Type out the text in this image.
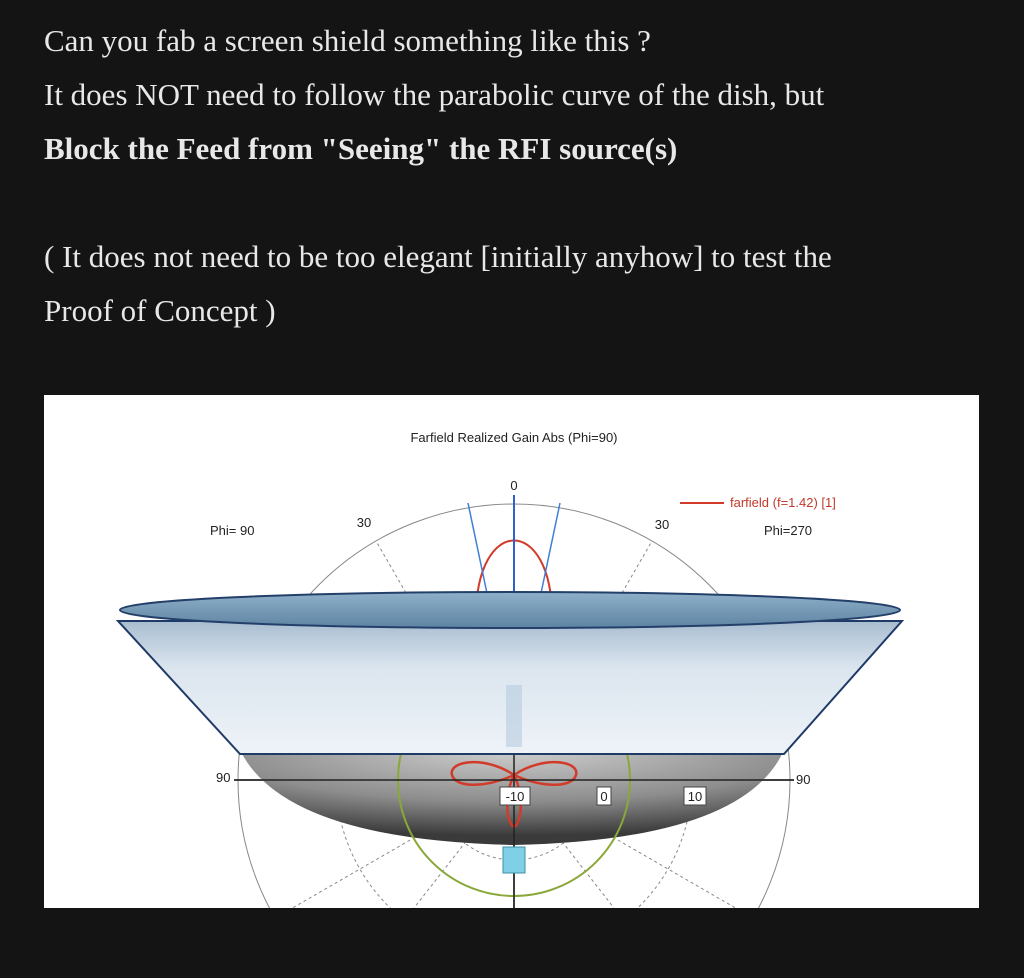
Can you fab a screen shield something like this ?

It does NOT need to follow the parabolic curve of the dish, but

Block the Feed from "Seeing" the RFI source(s)

( It does not need to be too elegant [initially anyhow] to test the

Proof of Concept )

Farfield Realized Gain Abs (Phi=90)
0
30	30
Phi= 90
farfield (f=1.42) [1]
Phi=270
90	90
-10	0	10
